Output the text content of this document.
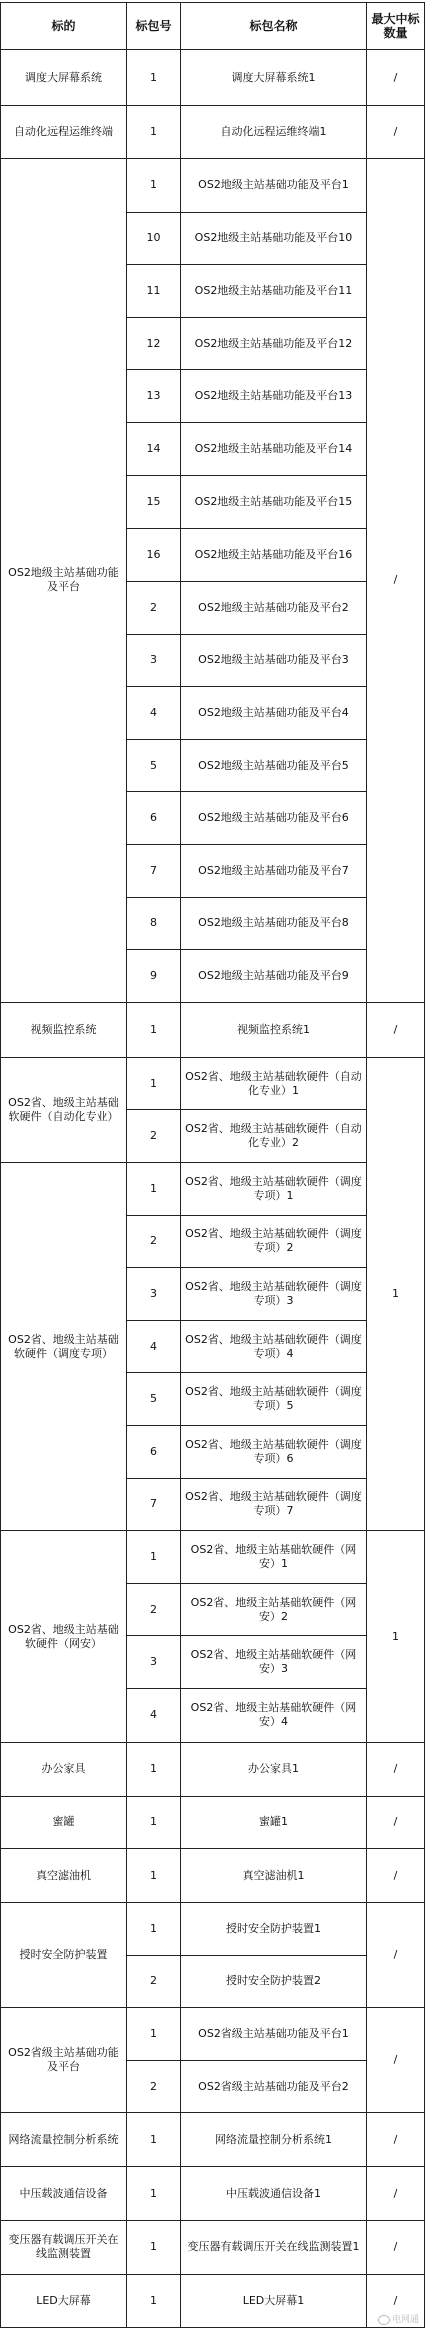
标的	标包号	标包名称	最大中标数量

调度大屏幕系统	1	调度大屏幕系统1	/

自动化远程运维终端	1	自动化远程运维终端1	/

OS2地级主站基础功能及平台	1	OS2地级主站基础功能及平台1	/
	10	OS2地级主站基础功能及平台10	
	11	OS2地级主站基础功能及平台11	
	12	OS2地级主站基础功能及平台12	
	13	OS2地级主站基础功能及平台13	
	14	OS2地级主站基础功能及平台14	
	15	OS2地级主站基础功能及平台15	
	16	OS2地级主站基础功能及平台16	
	2	OS2地级主站基础功能及平台2	
	3	OS2地级主站基础功能及平台3	
	4	OS2地级主站基础功能及平台4	
	5	OS2地级主站基础功能及平台5	
	6	OS2地级主站基础功能及平台6	
	7	OS2地级主站基础功能及平台7	
	8	OS2地级主站基础功能及平台8	
	9	OS2地级主站基础功能及平台9	

视频监控系统	1	视频监控系统1	/

OS2省、地级主站基础软硬件（自动化专业）	1	OS2省、地级主站基础软硬件（自动化专业）1	1
	2	OS2省、地级主站基础软硬件（自动化专业）2	

OS2省、地级主站基础软硬件（调度专项）	1	OS2省、地级主站基础软硬件（调度专项）1	
	2	OS2省、地级主站基础软硬件（调度专项）2	
	3	OS2省、地级主站基础软硬件（调度专项）3	
	4	OS2省、地级主站基础软硬件（调度专项）4	
	5	OS2省、地级主站基础软硬件（调度专项）5	
	6	OS2省、地级主站基础软硬件（调度专项）6	
	7	OS2省、地级主站基础软硬件（调度专项）7	

OS2省、地级主站基础软硬件（网安）	1	OS2省、地级主站基础软硬件（网安）1	1
	2	OS2省、地级主站基础软硬件（网安）2	
	3	OS2省、地级主站基础软硬件（网安）3	
	4	OS2省、地级主站基础软硬件（网安）4	

办公家具	1	办公家具1	/

蜜罐	1	蜜罐1	/

真空滤油机	1	真空滤油机1	/

授时安全防护装置	1	授时安全防护装置1	/
	2	授时安全防护装置2	

OS2省级主站基础功能及平台	1	OS2省级主站基础功能及平台1	/
	2	OS2省级主站基础功能及平台2	

网络流量控制分析系统	1	网络流量控制分析系统1	/

中压载波通信设备	1	中压载波通信设备1	/

变压器有载调压开关在线监测装置	1	变压器有载调压开关在线监测装置1	/

LED大屏幕	1	LED大屏幕1	/
电网通
